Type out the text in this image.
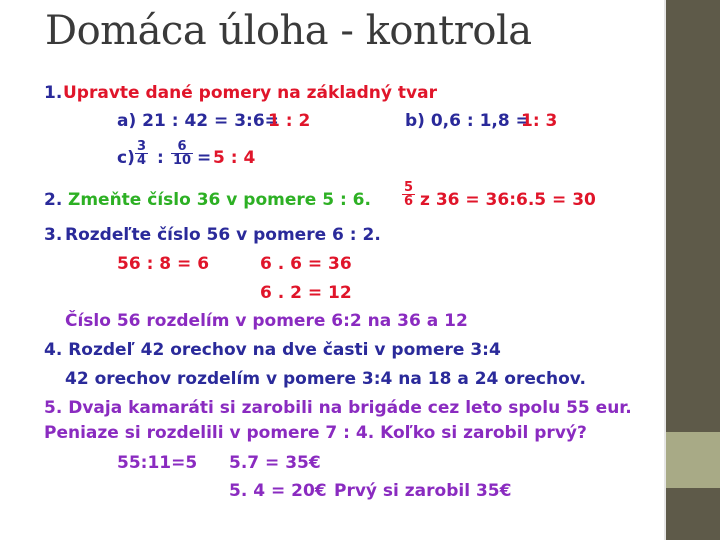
Domáca úloha - kontrola
1. Upravte dané pomery na základný tvar
a) 21 : 42 = 3:6=
1 : 2	b) 0,6 : 1,8 =
1: 3
$c) \frac{3}{4}$ : $\frac{6}{10} = 5$ : 4
2. Zmeňte číslo 36 v pomere 5 : 6. $\frac{5}{6}$ z 36 = 36:6.5 = 30
3. Rozdeľte číslo 56 v pomere 6 : 2.
56 : 8 = 6	6 . 6 = 36
6 . 2 = 12
Číslo 56 rozdelím v pomere 6:2 na 36 a 12
4. Rozdeľ 42 orechov na dve časti v pomere 3:4
42 orechov rozdelím v pomere 3:4 na 18 a 24 orechov.
5. Dvaja kamaráti si zarobili na brigáde cez leto spolu 55 eur.
Peniaze si rozdelili v pomere 7 : 4. Koľko si zarobil prvý?
55:11=5 5.7 = 35€
5. 4 = 20€ Prvý si zarobil 35€
